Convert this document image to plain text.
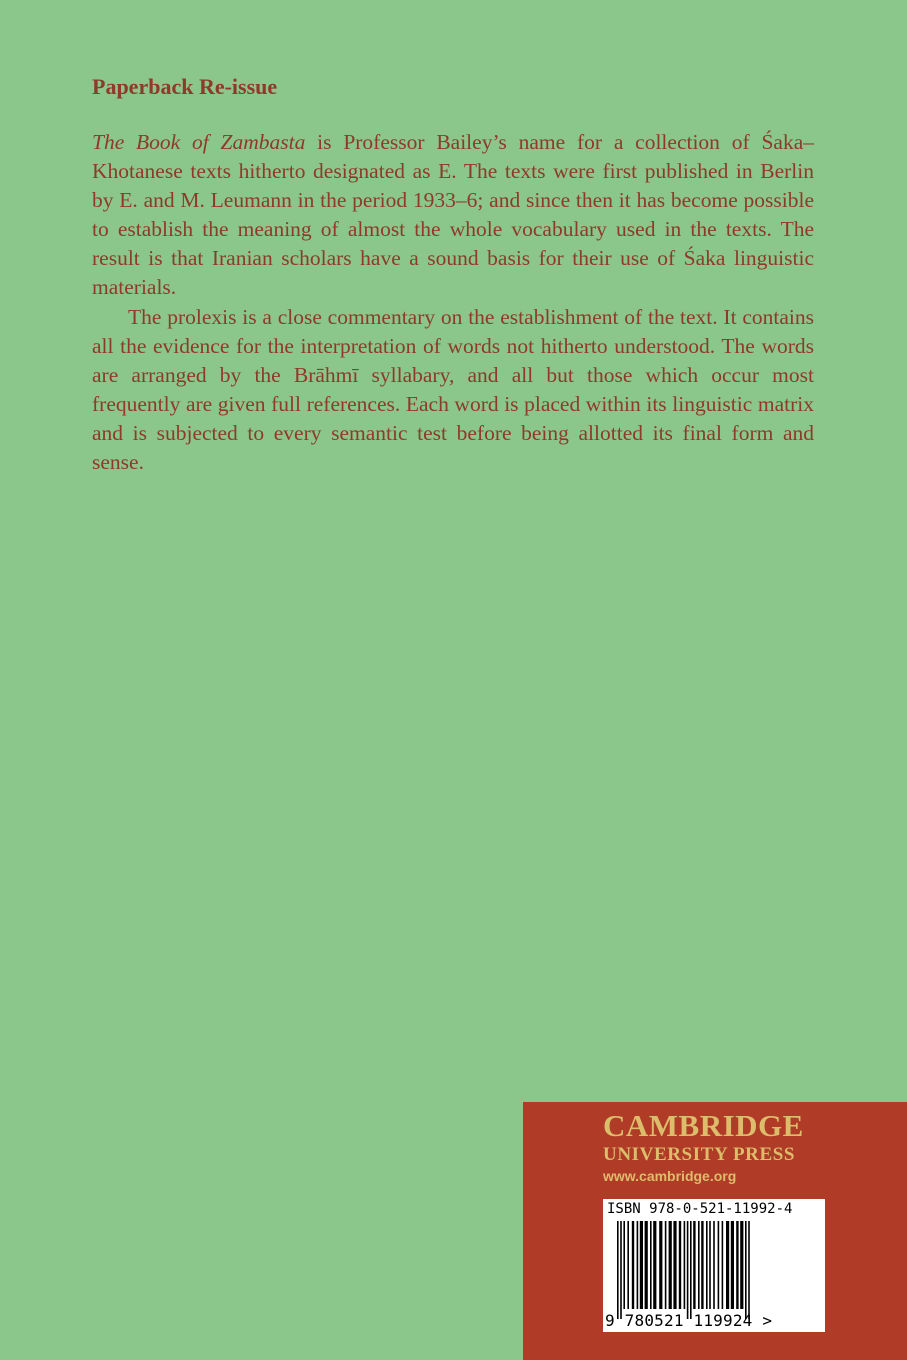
Paperback Re-issue

The Book of Zambasta is Professor Bailey’s name for a collection of Śaka–Khotanese texts hitherto designated as E. The texts were first published in Berlin by E. and M. Leumann in the period 1933–6; and since then it has become possible to establish the meaning of almost the whole vocabulary used in the texts. The result is that Iranian scholars have a sound basis for their use of Śaka linguistic materials.

The prolexis is a close commentary on the establishment of the text. It contains all the evidence for the interpretation of words not hitherto understood. The words are arranged by the Brāhmī syllabary, and all but those which occur most frequently are given full references. Each word is placed within its linguistic matrix and is subjected to every semantic test before being allotted its final form and sense.

CAMBRIDGE
UNIVERSITY PRESS
www.cambridge.org
ISBN 978-0-521-11992-4
9 780521 119924 >
